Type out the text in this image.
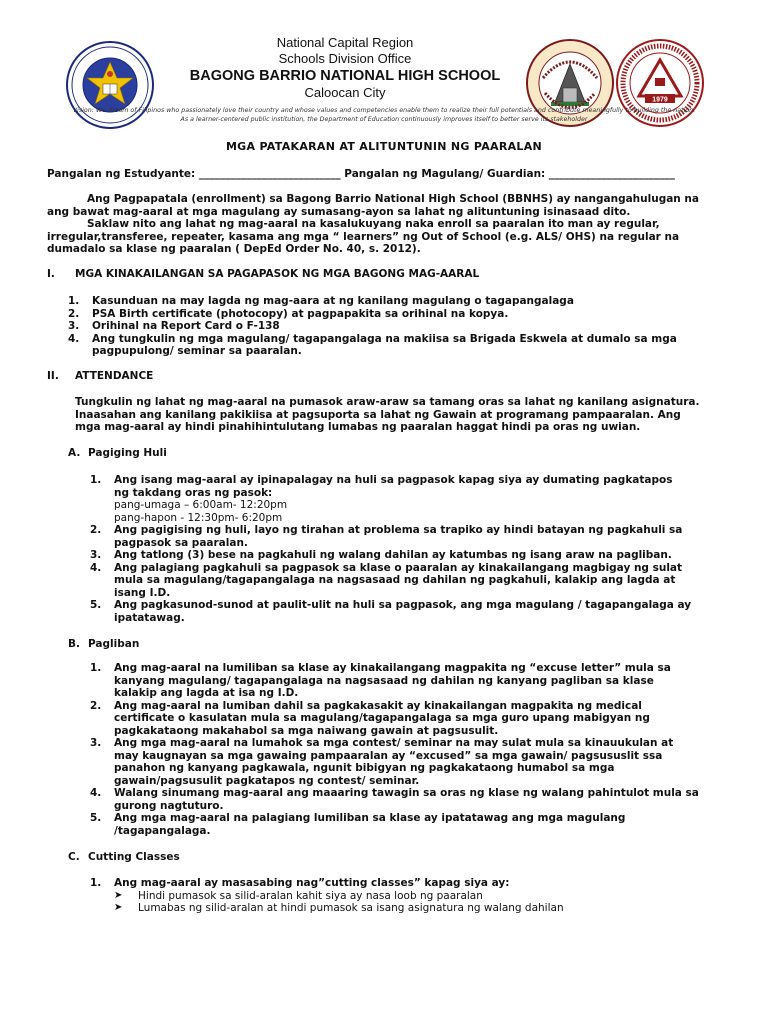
National Capital Region
Schools Division Office
BAGONG BARRIO NATIONAL HIGH SCHOOL
Caloocan City	1979
Vision: We dream of Filipinos who passionately love their country and whose values and competencies enable them to realize their full potentials and contribute meaningfully to building the nation.
As a learner-centered public institution, the Department of Education continuously improves itself to better serve its stakeholder
MGA PATAKARAN AT ALITUNTUNIN NG PAARALAN
Pangalan ng Estudyante: ___________________________ Pangalan ng Magulang/ Guardian: ________________________
Ang Pagpapatala (enrollment) sa Bagong Barrio National High School (BBNHS) ay nangangahulugan na
ang bawat mag-aaral at mga magulang ay sumasang-ayon sa lahat ng alituntuning isinasaad dito.
Saklaw nito ang lahat ng mag-aaral na kasalukuyang naka enroll sa paaralan ito man ay regular,
irregular,transferee, repeater, kasama ang mga “ learners” ng Out of School (e.g. ALS/ OHS) na regular na
dumadalo sa klase ng paaralan ( DepEd Order No. 40, s. 2012).
I. MGA KINAKAILANGAN SA PAGAPASOK NG MGA BAGONG MAG-AARAL
1. Kasunduan na may lagda ng mag-aara at ng kanilang magulang o tagapangalaga
2. PSA Birth certificate (photocopy) at pagpapakita sa orihinal na kopya.
3. Orihinal na Report Card o F-138
4. Ang tungkulin ng mga magulang/ tagapangalaga na makiisa sa Brigada Eskwela at dumalo sa mga
pagpupulong/ seminar sa paaralan.
II. ATTENDANCE
Tungkulin ng lahat ng mag-aaral na pumasok araw-araw sa tamang oras sa lahat ng kanilang asignatura.
Inaasahan ang kanilang pakikiisa at pagsuporta sa lahat ng Gawain at programang pampaaralan. Ang
mga mag-aaral ay hindi pinahihintulutang lumabas ng paaralan haggat hindi pa oras ng uwian.
A. Pagiging Huli
1. Ang isang mag-aaral ay ipinapalagay na huli sa pagpasok kapag siya ay dumating pagkatapos
ng takdang oras ng pasok:
pang-umaga – 6:00am- 12:20pm
pang-hapon - 12:30pm- 6:20pm
2. Ang pagigising ng huli, layo ng tirahan at problema sa trapiko ay hindi batayan ng pagkahuli sa
pagpasok sa paaralan.
3. Ang tatlong (3) bese na pagkahuli ng walang dahilan ay katumbas ng isang araw na pagliban.
4. Ang palagiang pagkahuli sa pagpasok sa klase o paaralan ay kinakailangang magbigay ng sulat
mula sa magulang/tagapangalaga na nagsasaad ng dahilan ng pagkahuli, kalakip ang lagda at
isang I.D.
5. Ang pagkasunod-sunod at paulit-ulit na huli sa pagpasok, ang mga magulang / tagapangalaga ay
ipatatawag.
B. Pagliban
1. Ang mag-aaral na lumiliban sa klase ay kinakailangang magpakita ng “excuse letter” mula sa
kanyang magulang/ tagapangalaga na nagsasaad ng dahilan ng kanyang pagliban sa klase
kalakip ang lagda at isa ng I.D.
2. Ang mag-aaral na lumiban dahil sa pagkakasakit ay kinakailangan magpakita ng medical
certificate o kasulatan mula sa magulang/tagapangalaga sa mga guro upang mabigyan ng
pagkakataong makahabol sa mga naiwang gawain at pagsusulit.
3. Ang mga mag-aaral na lumahok sa mga contest/ seminar na may sulat mula sa kinauukulan at
may kaugnayan sa mga gawaing pampaaralan ay “excused” sa mga gawain/ pagsususlit ssa
panahon ng kanyang pagkawala, ngunit bibigyan ng pagkakataong humabol sa mga
gawain/pagsusulit pagkatapos ng contest/ seminar.
4. Walang sinumang mag-aaral ang maaaring tawagin sa oras ng klase ng walang pahintulot mula sa
gurong nagtuturo.
5. Ang mga mag-aaral na palagiang lumiliban sa klase ay ipatatawag ang mga magulang
/tagapangalaga.
C. Cutting Classes
1. Ang mag-aaral ay masasabing nag”cutting classes” kapag siya ay:
➤ Hindi pumasok sa silid-aralan kahit siya ay nasa loob ng paaralan
➤ Lumabas ng silid-aralan at hindi pumasok sa isang asignatura ng walang dahilan
